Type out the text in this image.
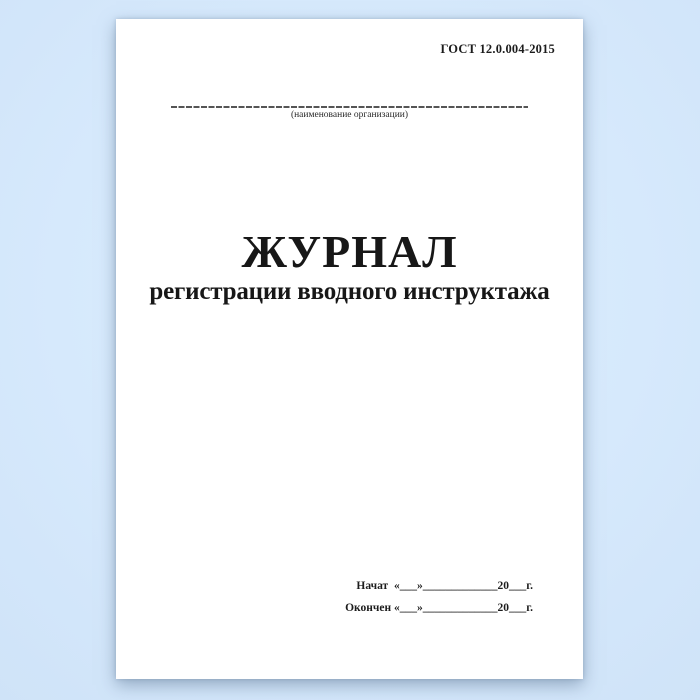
ГОСТ 12.0.004-2015
(наименование организации)
ЖУРНАЛ
регистрации вводного инструктажа
Начат  «___»_____________20___г.
Окончен «___»_____________20___г.
